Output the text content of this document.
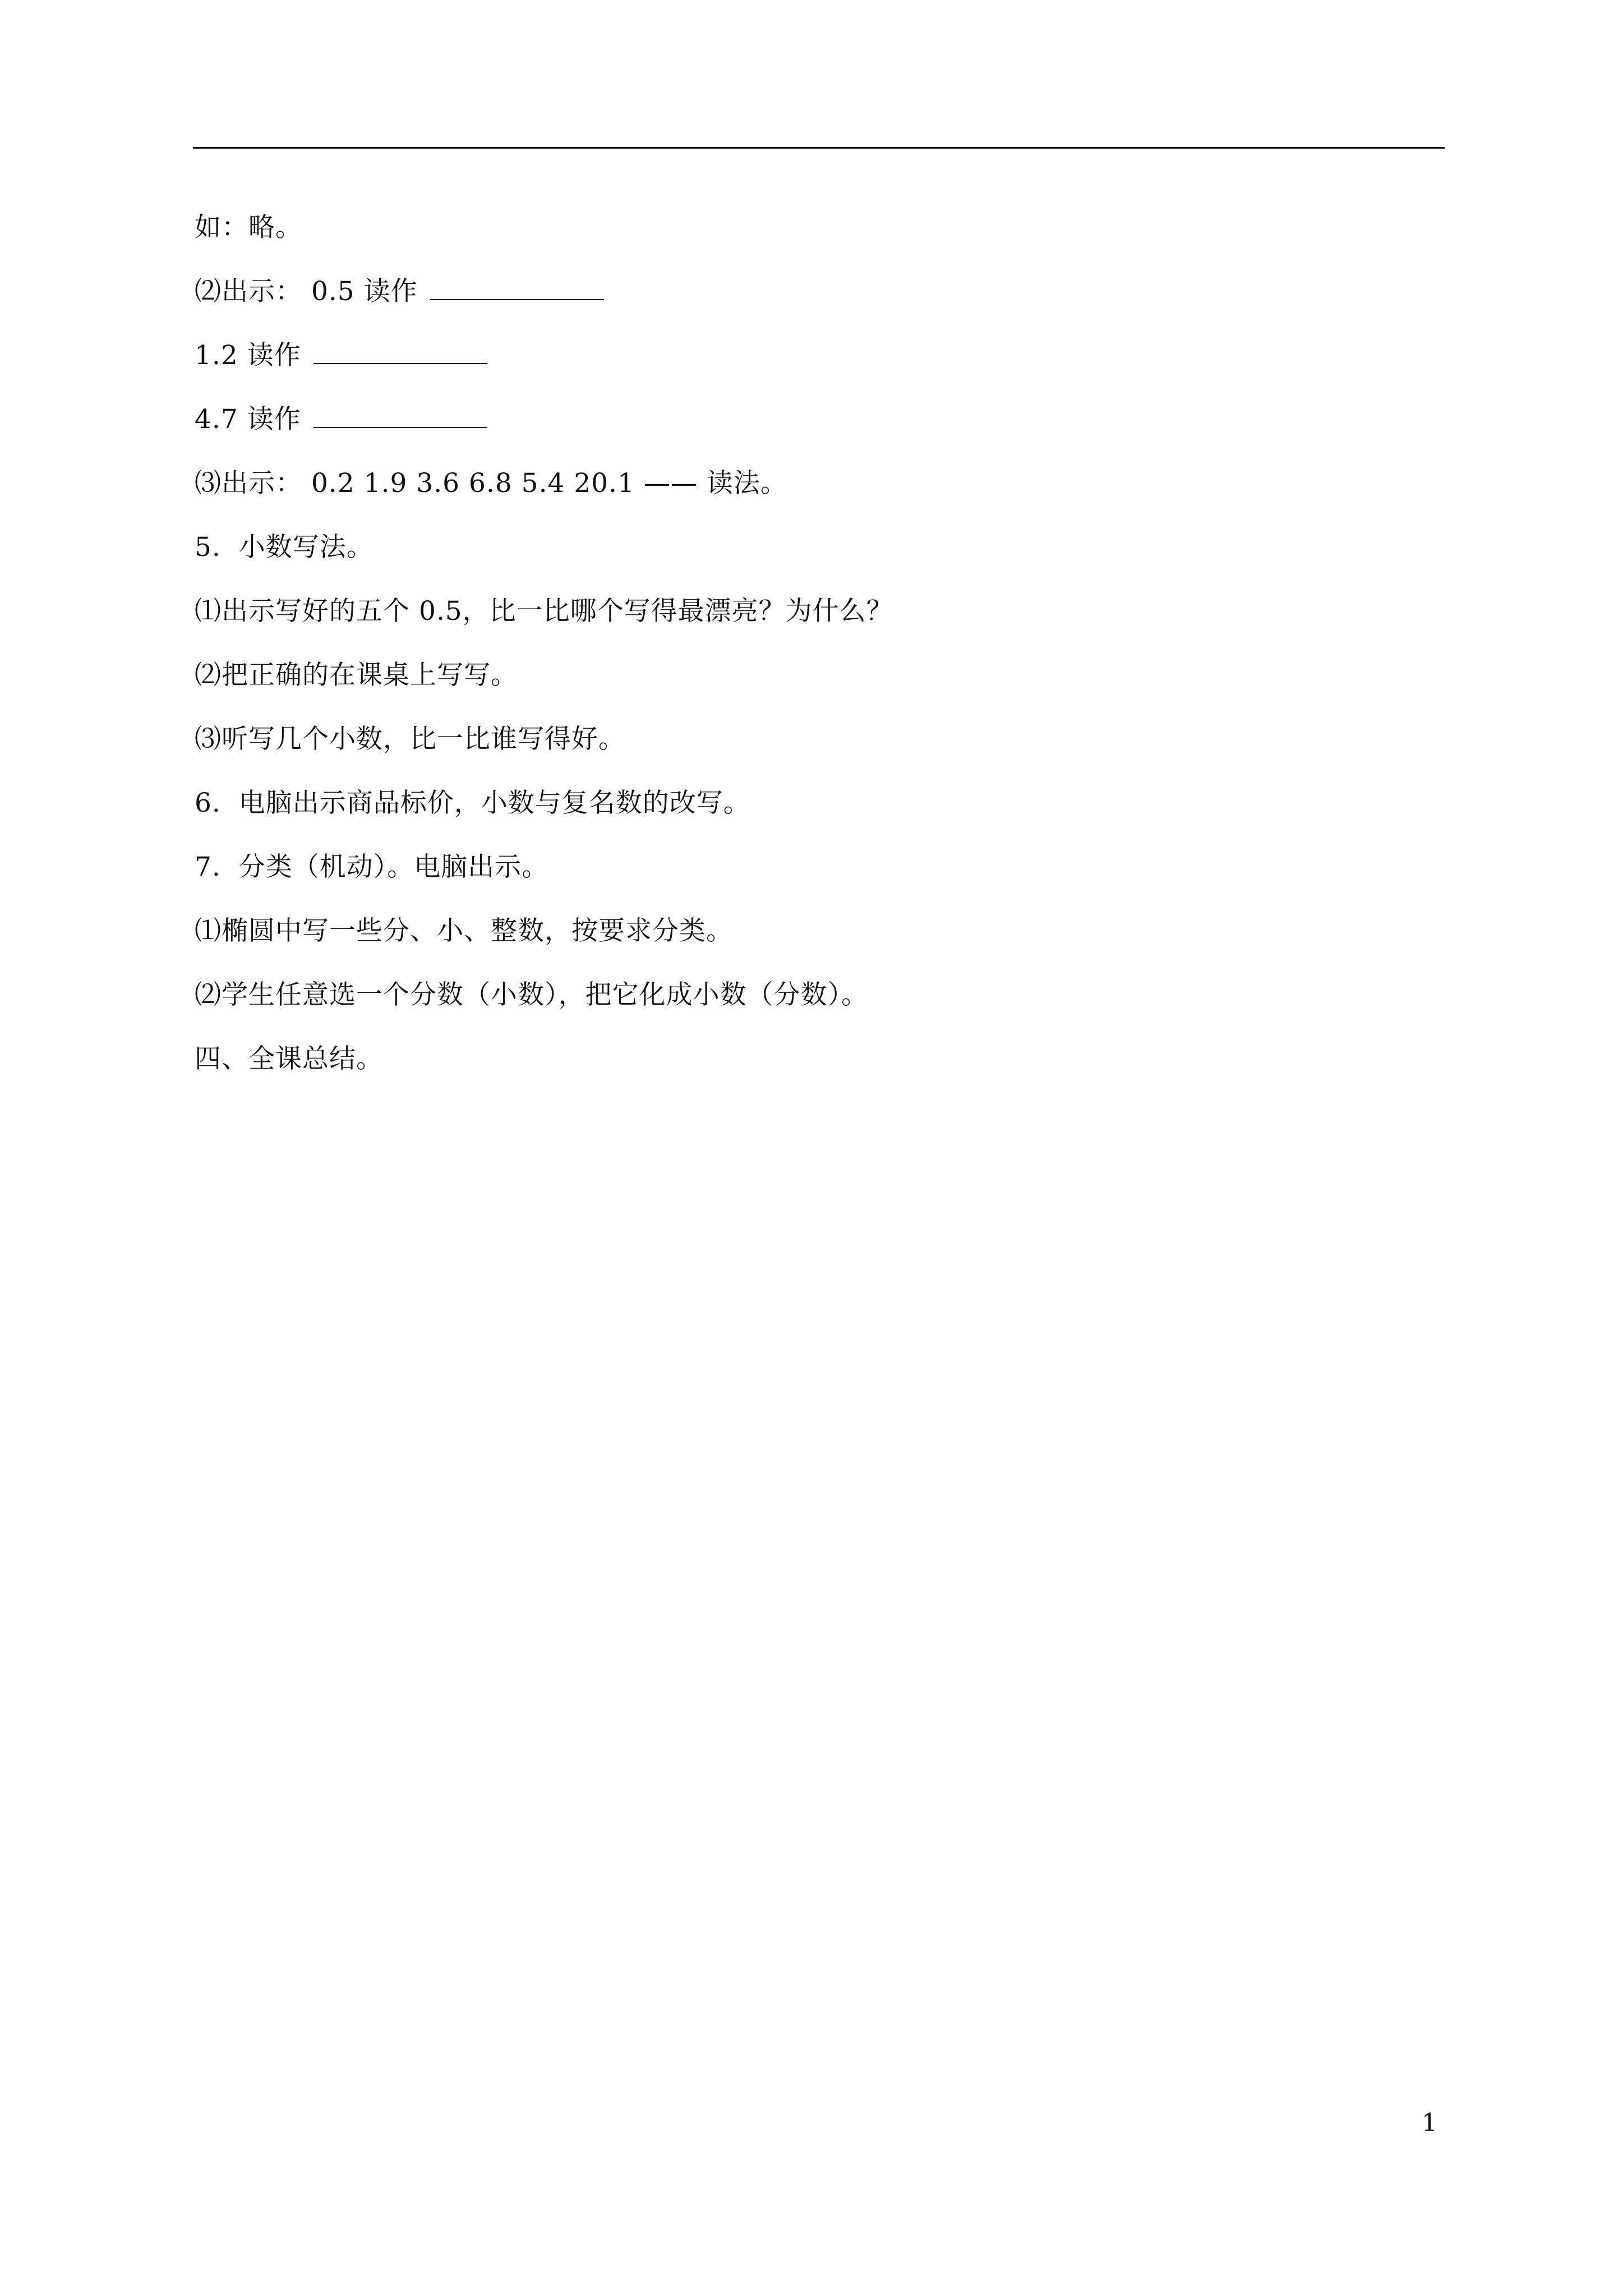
如：略。
⑵出示： 0.5 读作
1.2 读作
4.7 读作
⑶出示： 0.2 1.9 3.6 6.8 5.4 20.1 —— 读法。
5.  小数写法。
⑴出示写好的五个 0.5，比一比哪个写得最漂亮？为什么？
⑵把正确的在课桌上写写。
⑶听写几个小数，比一比谁写得好。
6.  电脑出示商品标价，小数与复名数的改写。
7.  分类（机动）。电脑出示。
⑴椭圆中写一些分、小、整数，按要求分类。
⑵学生任意选一个分数（小数），把它化成小数（分数）。
四、全课总结。
1
